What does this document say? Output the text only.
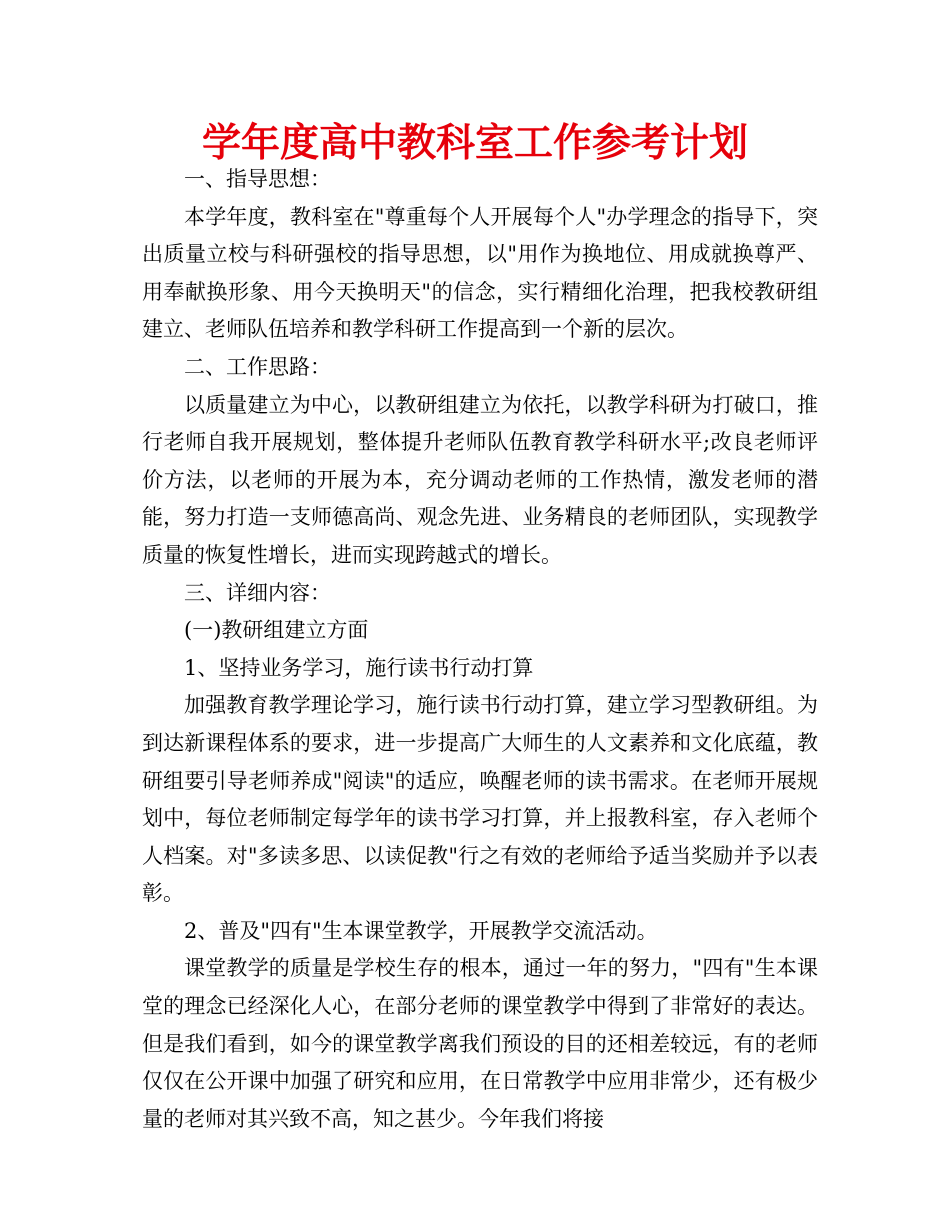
学年度高中教科室工作参考计划

一、指导思想：

本学年度，教科室在"尊重每个人开展每个人"办学理念的指导下，突出质量立校与科研强校的指导思想，以"用作为换地位、用成就换尊严、用奉献换形象、用今天换明天"的信念，实行精细化治理，把我校教研组建立、老师队伍培养和教学科研工作提高到一个新的层次。

二、工作思路：

以质量建立为中心，以教研组建立为依托，以教学科研为打破口，推行老师自我开展规划，整体提升老师队伍教育教学科研水平;改良老师评价方法，以老师的开展为本，充分调动老师的工作热情，激发老师的潜能，努力打造一支师德高尚、观念先进、业务精良的老师团队，实现教学质量的恢复性增长，进而实现跨越式的增长。

三、详细内容：

(一)教研组建立方面

1、坚持业务学习，施行读书行动打算

加强教育教学理论学习，施行读书行动打算，建立学习型教研组。为到达新课程体系的要求，进一步提高广大师生的人文素养和文化底蕴，教研组要引导老师养成"阅读"的适应，唤醒老师的读书需求。在老师开展规划中，每位老师制定每学年的读书学习打算，并上报教科室，存入老师个人档案。对"多读多思、以读促教"行之有效的老师给予适当奖励并予以表彰。

2、普及"四有"生本课堂教学，开展教学交流活动。

课堂教学的质量是学校生存的根本，通过一年的努力，"四有"生本课堂的理念已经深化人心，在部分老师的课堂教学中得到了非常好的表达。但是我们看到，如今的课堂教学离我们预设的目的还相差较远，有的老师仅仅在公开课中加强了研究和应用，在日常教学中应用非常少，还有极少量的老师对其兴致不高，知之甚少。今年我们将接
